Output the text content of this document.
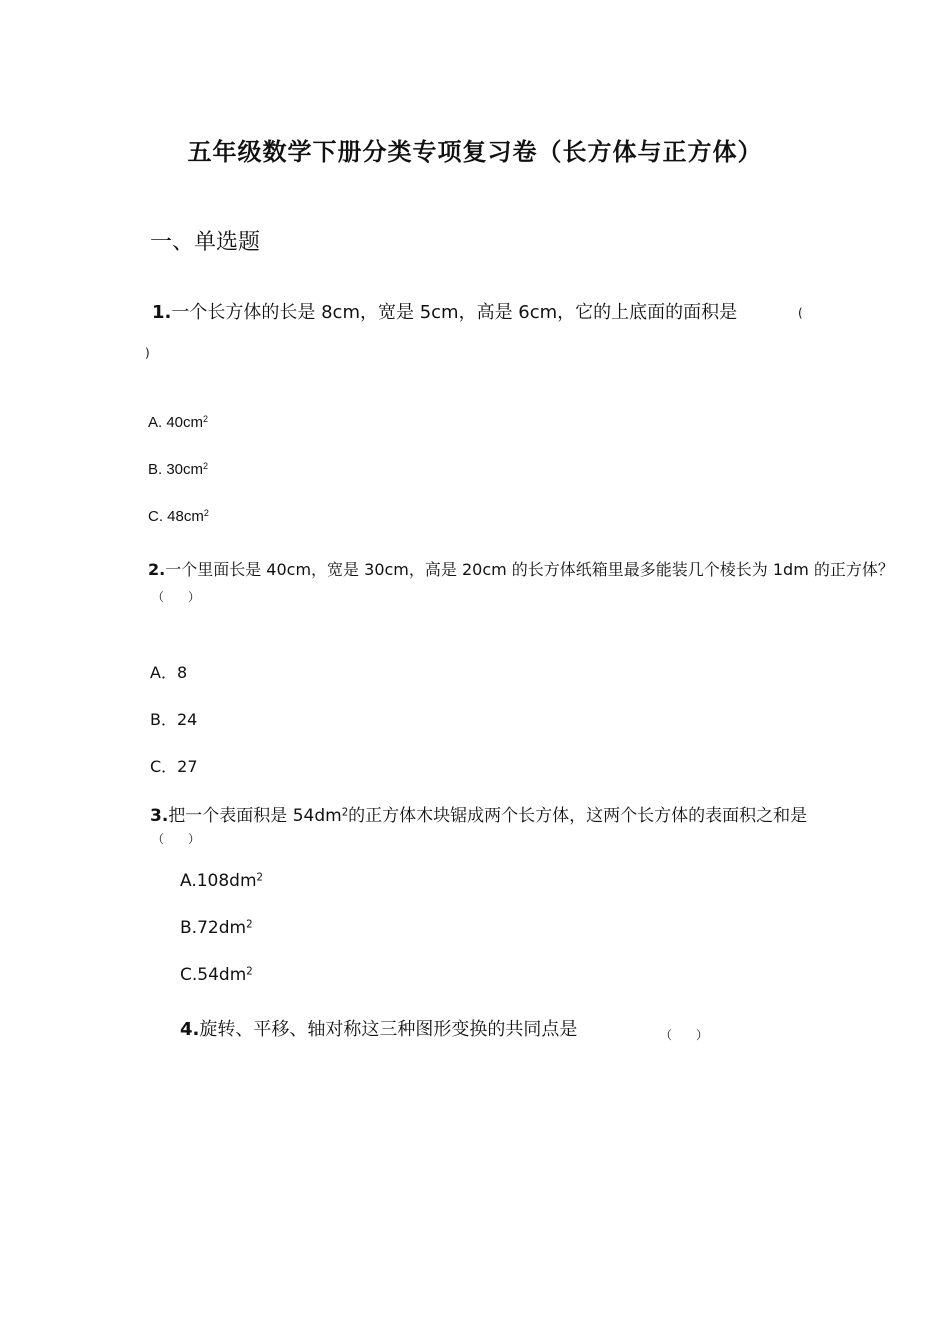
五年级数学下册分类专项复习卷（长方体与正方体）
一、单选题
1.一个长方体的长是 8cm，宽是 5cm，高是 6cm，它的上底面的面积是	(
)
A. $40cm^2$
B. $30cm^2$
C. $48cm^2$
2.一个里面长是 40cm，宽是 30cm，高是 20cm 的长方体纸箱里最多能装几个棱长为 1dm 的正方体？
（　　）
A．8
B．24
C．27
3.把一个表面积是 $54dm^2$的正方体木块锯成两个长方体，这两个长方体的表面积之和是
（　　）
$A.108dm^2$
$B.72dm^2$
$C.54dm^2$
4.旋转、平移、轴对称这三种图形变换的共同点是	（　　）
